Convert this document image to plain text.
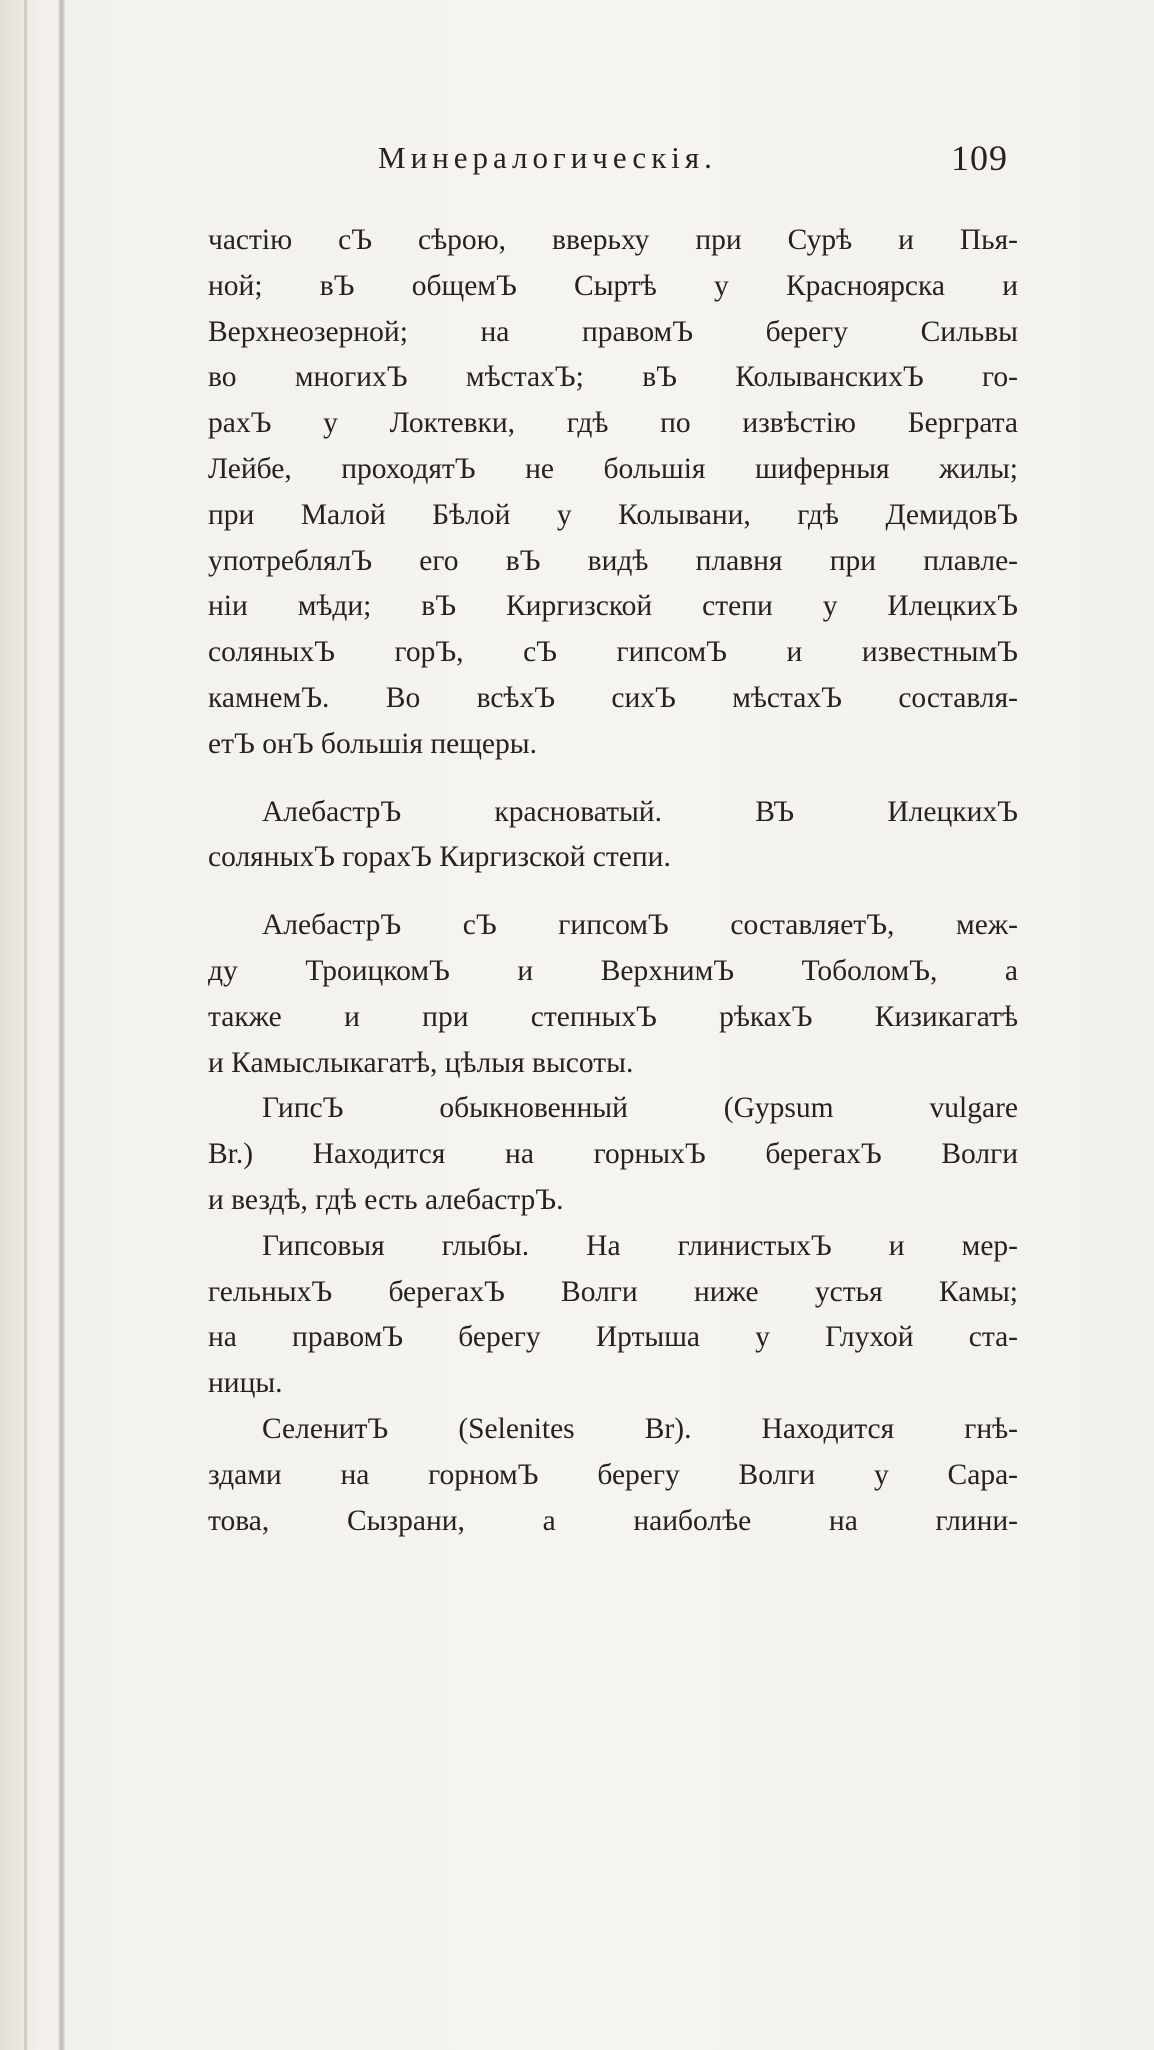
Минералогическія.	109
частію сЪ сѣрою, вверьху при Сурѣ и Пья-
ной; вЪ общемЪ Сыртѣ у Красноярска и
Верхнеозерной; на правомЪ берегу Сильвы
во многихЪ мѣстахЪ; вЪ КолыванскихЪ го-
рахЪ у Локтевки, гдѣ по извѣстію Берграта
Лейбе, проходятЪ не большія шиферныя жилы;
при Малой Бѣлой у Колывани, гдѣ ДемидовЪ
употреблялЪ его вЪ видѣ плавня при плавле-
ніи мѣди; вЪ Киргизской степи у ИлецкихЪ
соляныхЪ горЪ, сЪ гипсомЪ и известнымЪ
камнемЪ. Во всѣхЪ сихЪ мѣстахЪ составля-
етЪ онЪ большія пещеры.
АлебастрЪ красноватый. ВЪ ИлецкихЪ
соляныхЪ горахЪ Киргизской степи.
АлебастрЪ сЪ гипсомЪ составляетЪ, меж-
ду ТроицкомЪ и ВерхнимЪ ТоболомЪ, а
также и при степныхЪ рѣкахЪ Кизикагатѣ
и Камыслыкагатѣ, цѣлыя высоты.
ГипсЪ обыкновенный (Gypsum vulgare
Br.) Находится на горныхЪ берегахЪ Волги
и вездѣ, гдѣ есть алебастрЪ.
Гипсовыя глыбы. На глинистыхЪ и мер-
гельныхЪ берегахЪ Волги ниже устья Камы;
на правомЪ берегу Иртыша у Глухой ста-
ницы.
СеленитЪ (Selenites Br). Находится гнѣ-
здами на горномЪ берегу Волги у Сара-
това, Сызрани, а наиболѣе на глини-
